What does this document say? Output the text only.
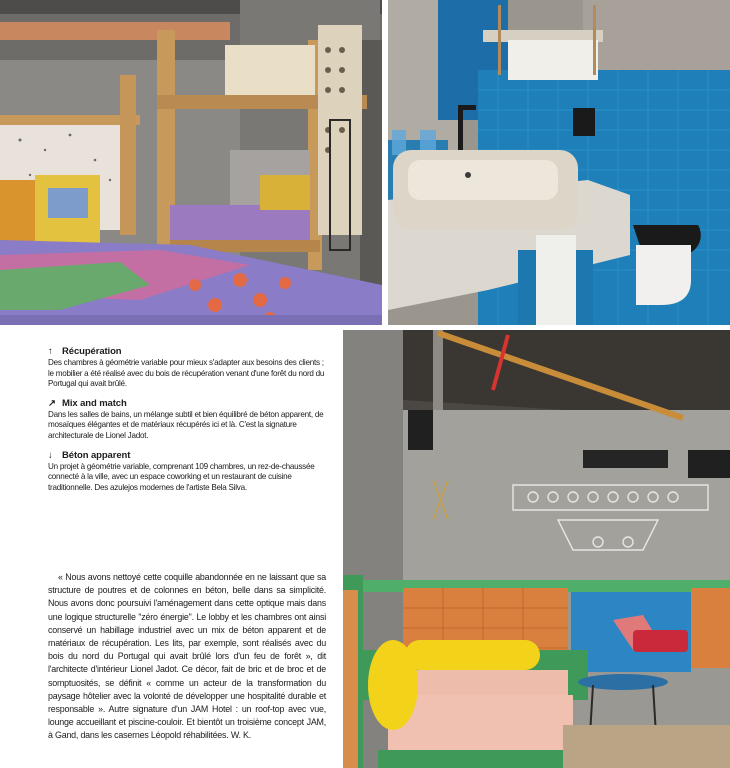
↑ Récupération
Des chambres à géométrie variable pour mieux s'adapter aux besoins des clients ; le mobilier a été réalisé avec du bois de récupération venant d'une forêt du nord du Portugal qui avait brûlé.
↗ Mix and match
Dans les salles de bains, un mélange subtil et bien équilibré de béton apparent, de mosaïques élégantes et de matériaux récupérés ici et là. C'est la signature architecturale de Lionel Jadot.
↓ Béton apparent
Un projet à géométrie variable, comprenant 109 chambres, un rez-de-chaussée connecté à la ville, avec un espace coworking et un restaurant de cuisine traditionnelle. Des azulejos modernes de l'artiste Bela Silva.
« Nous avons nettoyé cette coquille abandonnée en ne laissant que sa structure de poutres et de colonnes en béton, belle dans sa simplicité. Nous avons donc poursuivi l'aménagement dans cette optique mais dans une logique structurelle ''zéro énergie''. Le lobby et les chambres ont ainsi conservé un habillage industriel avec un mix de béton apparent et de matériaux de récupération. Les lits, par exemple, sont réalisés avec du bois du nord du Portugal qui avait brûlé lors d'un feu de forêt », dit l'architecte d'intérieur Lionel Jadot. Ce décor, fait de bric et de broc et de somptuosités, se définit « comme un acteur de la transformation du paysage hôtelier avec la volonté de développer une hospitalité durable et responsable ». Autre signature d'un JAM Hotel : un roof-top avec vue, lounge accueillant et piscine-couloir. Et bientôt un troisième concept JAM, à Gand, dans les casernes Léopold réhabilitées. W. K.
